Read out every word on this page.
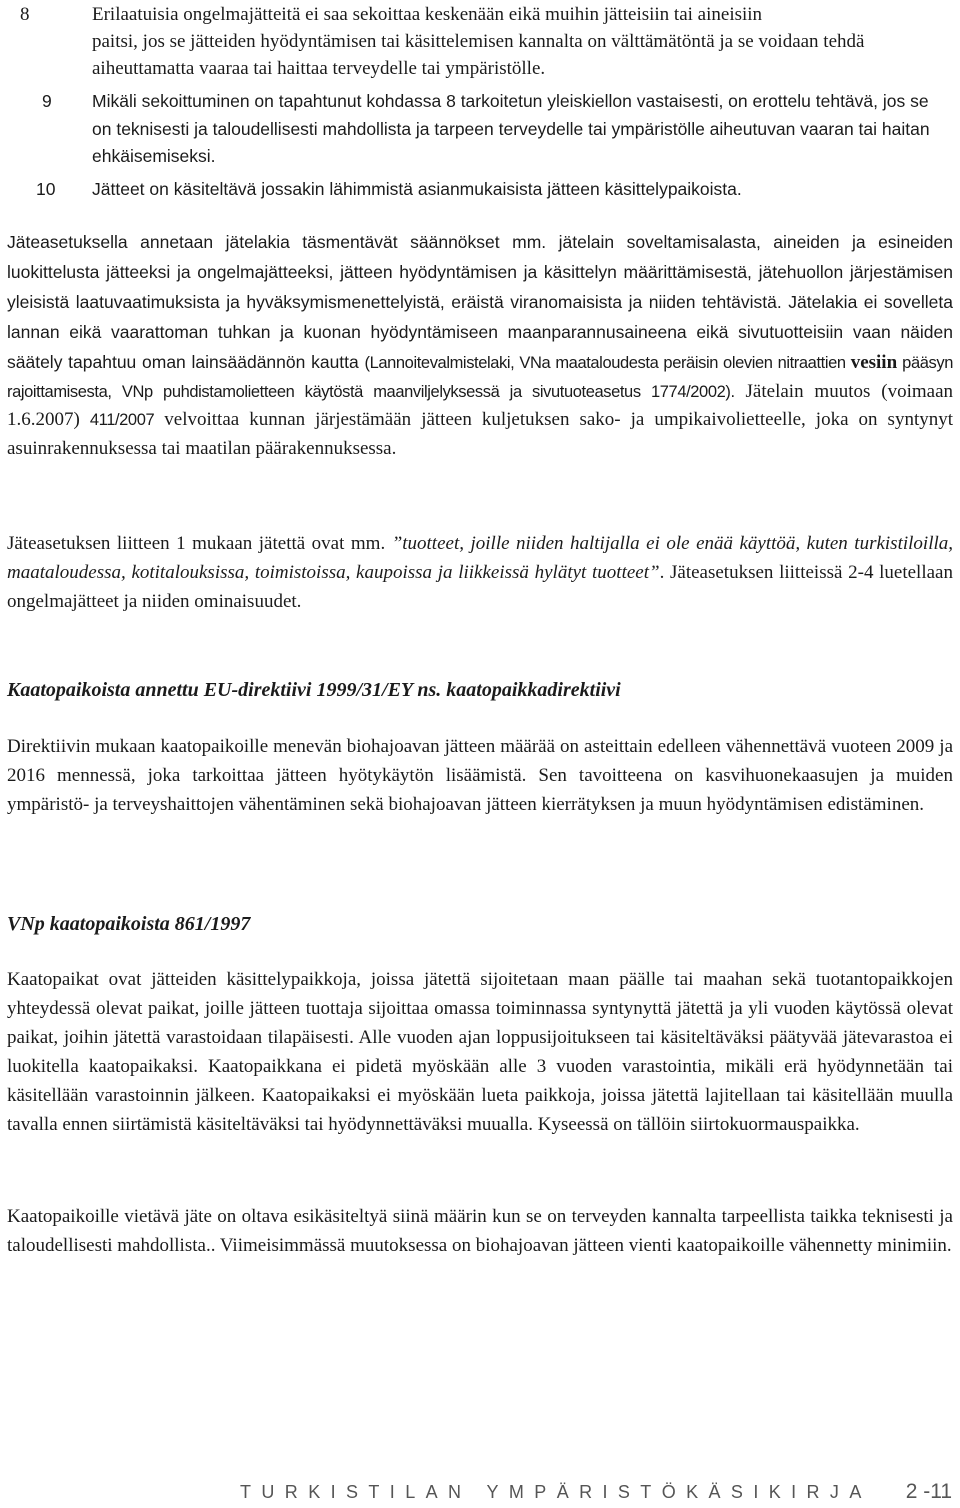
8	Erilaatuisia ongelmajätteitä ei saa sekoittaa keskenään eikä muihin jätteisiin tai aineisiin
paitsi, jos se jätteiden hyödyntämisen tai käsittelemisen kannalta on välttämätöntä ja se voidaan tehdä aiheuttamatta vaaraa tai haittaa terveydelle tai ympäristölle.
9	Mikäli sekoittuminen on tapahtunut kohdassa 8 tarkoitetun yleiskiellon vastaisesti, on erottelu tehtävä, jos se on teknisesti ja taloudellisesti mahdollista ja tarpeen terveydelle tai ympäristölle aiheutuvan vaaran tai haitan ehkäisemiseksi.
10	Jätteet on käsiteltävä jossakin lähimmistä asianmukaisista jätteen käsittelypaikoista.

Jäteasetuksella annetaan jätelakia täsmentävät säännökset mm. jätelain soveltamisalasta, aineiden ja esineiden luokittelusta jätteeksi ja ongelmajätteeksi, jätteen hyödyntämisen ja käsittelyn määrittämisestä, jätehuollon järjestämisen yleisistä laatuvaatimuksista ja hyväksymismenettelyistä, eräistä viranomaisista ja niiden tehtävistä. Jätelakia ei sovelleta lannan eikä vaarattoman tuhkan ja kuonan hyödyntämiseen maanparannusaineena eikä sivutuotteisiin vaan näiden säätely tapahtuu oman lainsäädännön kautta (Lannoitevalmistelaki, VNa maataloudesta peräisin olevien nitraattien vesiin pääsyn rajoittamisesta, VNp puhdistamolietteen käytöstä maanviljelyksessä ja sivutuoteasetus 1774/2002). Jätelain muutos (voimaan 1.6.2007) 411/2007 velvoittaa kunnan järjestämään jätteen kuljetuksen sako- ja umpikaivolietteelle, joka on syntynyt asuinrakennuksessa tai maatilan päärakennuksessa.

Jäteasetuksen liitteen 1 mukaan jätettä ovat mm. ”tuotteet, joille niiden haltijalla ei ole enää käyttöä, kuten turkistiloilla, maataloudessa, kotitalouksissa, toimistoissa, kaupoissa ja liikkeissä hylätyt tuotteet”. Jäteasetuksen liitteissä 2-4 luetellaan ongelmajätteet ja niiden ominaisuudet.

Kaatopaikoista annettu EU-direktiivi 1999/31/EY ns. kaatopaikkadirektiivi

Direktiivin mukaan kaatopaikoille menevän biohajoavan jätteen määrää on asteittain edelleen vähennettävä vuoteen 2009 ja 2016 mennessä, joka tarkoittaa jätteen hyötykäytön lisäämistä. Sen tavoitteena on kasvihuonekaasujen ja muiden ympäristö- ja terveyshaittojen vähentäminen sekä biohajoavan jätteen kierrätyksen ja muun hyödyntämisen edistäminen.

VNp kaatopaikoista 861/1997

Kaatopaikat ovat jätteiden käsittelypaikkoja, joissa jätettä sijoitetaan maan päälle tai maahan sekä tuotantopaikkojen yhteydessä olevat paikat, joille jätteen tuottaja sijoittaa omassa toiminnassa syntynyttä jätettä ja yli vuoden käytössä olevat paikat, joihin jätettä varastoidaan tilapäisesti. Alle vuoden ajan loppusijoitukseen tai käsiteltäväksi päätyvää jätevarastoa ei luokitella kaatopaikaksi. Kaatopaikkana ei pidetä myöskään alle 3 vuoden varastointia, mikäli erä hyödynnetään tai käsitellään varastoinnin jälkeen. Kaatopaikaksi ei myöskään lueta paikkoja, joissa jätettä lajitellaan tai käsitellään muulla tavalla ennen siirtämistä käsiteltäväksi tai hyödynnettäväksi muualla. Kyseessä on tällöin siirtokuormauspaikka.

Kaatopaikoille vietävä jäte on oltava esikäsiteltyä siinä määrin kun se on terveyden kannalta tarpeellista taikka teknisesti ja taloudellisesti mahdollista.. Viimeisimmässä muutoksessa on biohajoavan jätteen vienti kaatopaikoille vähennetty minimiin.

TURKISTILAN YMPÄRISTÖKÄSIKIRJA 2 -11
